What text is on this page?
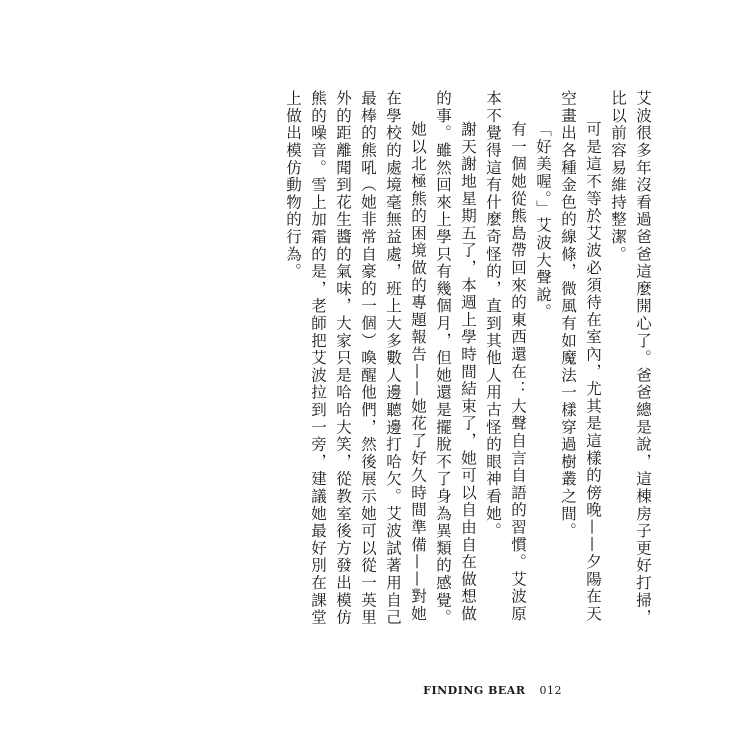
艾波很多年沒看過爸爸這麼開心了。爸爸總是說，這棟房子更好打掃，比以前容易維持整潔。

可是這不等於艾波必須待在室內，尤其是這樣的傍晚——夕陽在天空畫出各種金色的線條，微風有如魔法一樣穿過樹叢之間。

「好美喔。」艾波大聲說。

有一個她從熊島帶回來的東西還在：大聲自言自語的習慣。艾波原本不覺得這有什麼奇怪的，直到其他人用古怪的眼神看她。

謝天謝地星期五了，本週上學時間結束了，她可以自由自在做想做的事。雖然回來上學只有幾個月，但她還是擺脫不了身為異類的感覺。

她以北極熊的困境做的專題報告——她花了好久時間準備——對她在學校的處境毫無益處，班上大多數人邊聽邊打哈欠。艾波試著用自己最棒的熊吼（她非常自豪的一個）喚醒他們，然後展示她可以從一英里外的距離聞到花生醬的氣味，大家只是哈哈大笑，從教室後方發出模仿熊的噪音。雪上加霜的是，老師把艾波拉到一旁，建議她最好別在課堂上做出模仿動物的行為。

FINDING BEAR 012
